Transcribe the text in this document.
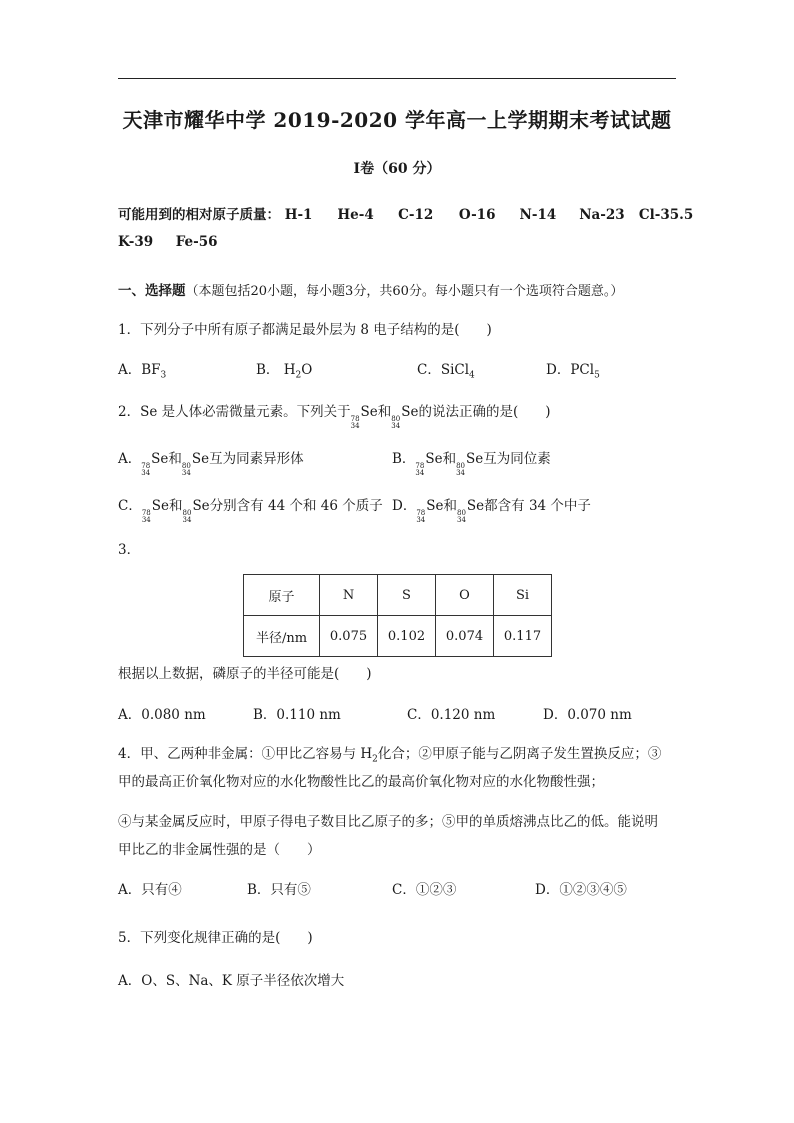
天津市耀华中学 2019-2020 学年高一上学期期末考试试题
Ⅰ卷（60 分）
可能用到的相对原子质量： H-1 He-4 C-12 O-16 N-14 Na-23 Cl-35.5
K-39 Fe-56
一、选择题（本题包括20小题，每小题3分，共60分。每小题只有一个选项符合题意。）
1．下列分子中所有原子都满足最外层为 8 电子结构的是(　　)
A．$BF_3$	B． $H_2O$	C．SiCl$_4$	D．PCl$_5$
2．Se 是人体必需微量元素。下列关于 78
34
Se和 80
34
Se的说法正确的是(　　)
A． 78
34
Se和 80
34
Se互为同素异形体	B． 78
34
Se和 80
34
Se互为同位素
C． 78
34
Se和 80
34
Se分别含有 44 个和 46 个质子 D． 78
34
Se和 80
34
Se都含有 34 个中子
3．
原子	N	S	O	Si
半径/nm	0.075	0.102	0.074	0.117
根据以上数据，磷原子的半径可能是(　　)
A．0.080 nm	B．0.110 nm	C．0.120 nm	D．0.070 nm
4．甲、乙两种非金属：①甲比乙容易与 $H_2$化合；②甲原子能与乙阴离子发生置换反应；③
甲的最高正价氧化物对应的水化物酸性比乙的最高价氧化物对应的水化物酸性强；
④与某金属反应时，甲原子得电子数目比乙原子的多；⑤甲的单质熔沸点比乙的低。能说明
甲比乙的非金属性强的是（　　）
A．只有④	B．只有⑤	C．①②③	D．①②③④⑤
5．下列变化规律正确的是(　　)
A．O、S、Na、K 原子半径依次增大
